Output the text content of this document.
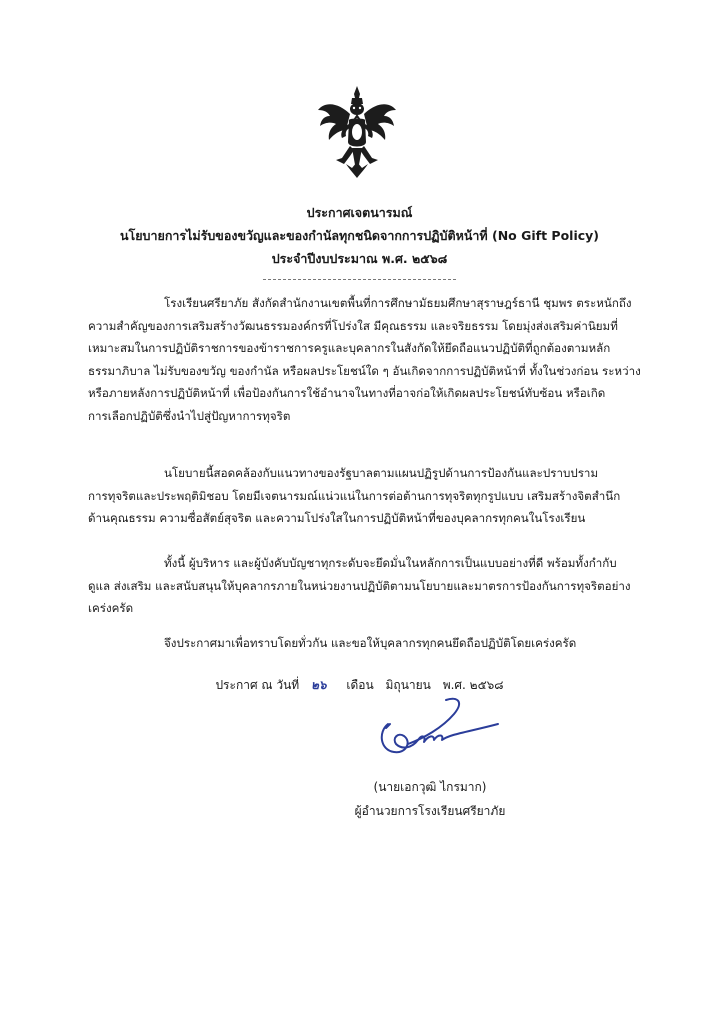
ประกาศเจตนารมณ์
นโยบายการไม่รับของขวัญและของกำนัลทุกชนิดจากการปฏิบัติหน้าที่ (No Gift Policy)
ประจำปีงบประมาณ พ.ศ. ๒๕๖๘
โรงเรียนศรียาภัย สังกัดสำนักงานเขตพื้นที่การศึกษามัธยมศึกษาสุราษฎร์ธานี ชุมพร ตระหนักถึง
ความสำคัญของการเสริมสร้างวัฒนธรรมองค์กรที่โปร่งใส มีคุณธรรม และจริยธรรม โดยมุ่งส่งเสริมค่านิยมที่
เหมาะสมในการปฏิบัติราชการของข้าราชการครูและบุคลากรในสังกัดให้ยึดถือแนวปฏิบัติที่ถูกต้องตามหลัก
ธรรมาภิบาล ไม่รับของขวัญ ของกำนัล หรือผลประโยชน์ใด ๆ อันเกิดจากการปฏิบัติหน้าที่ ทั้งในช่วงก่อน ระหว่าง
หรือภายหลังการปฏิบัติหน้าที่ เพื่อป้องกันการใช้อำนาจในทางที่อาจก่อให้เกิดผลประโยชน์ทับซ้อน หรือเกิด
การเลือกปฏิบัติซึ่งนำไปสู่ปัญหาการทุจริต
นโยบายนี้สอดคล้องกับแนวทางของรัฐบาลตามแผนปฏิรูปด้านการป้องกันและปราบปราม
การทุจริตและประพฤติมิชอบ โดยมีเจตนารมณ์แน่วแน่ในการต่อต้านการทุจริตทุกรูปแบบ เสริมสร้างจิตสำนึก
ด้านคุณธรรม ความซื่อสัตย์สุจริต และความโปร่งใสในการปฏิบัติหน้าที่ของบุคลากรทุกคนในโรงเรียน
ทั้งนี้ ผู้บริหาร และผู้บังคับบัญชาทุกระดับจะยึดมั่นในหลักการเป็นแบบอย่างที่ดี พร้อมทั้งกำกับ
ดูแล ส่งเสริม และสนับสนุนให้บุคลากรภายในหน่วยงานปฏิบัติตามนโยบายและมาตรการป้องกันการทุจริตอย่าง
เคร่งครัด
จึงประกาศมาเพื่อทราบโดยทั่วกัน และขอให้บุคลากรทุกคนยึดถือปฏิบัติโดยเคร่งครัด
ประกาศ ณ วันที่ ๒๖ เดือน มิถุนายน พ.ศ. ๒๕๖๘
(นายเอกวุฒิ ไกรมาก)
ผู้อำนวยการโรงเรียนศรียาภัย
